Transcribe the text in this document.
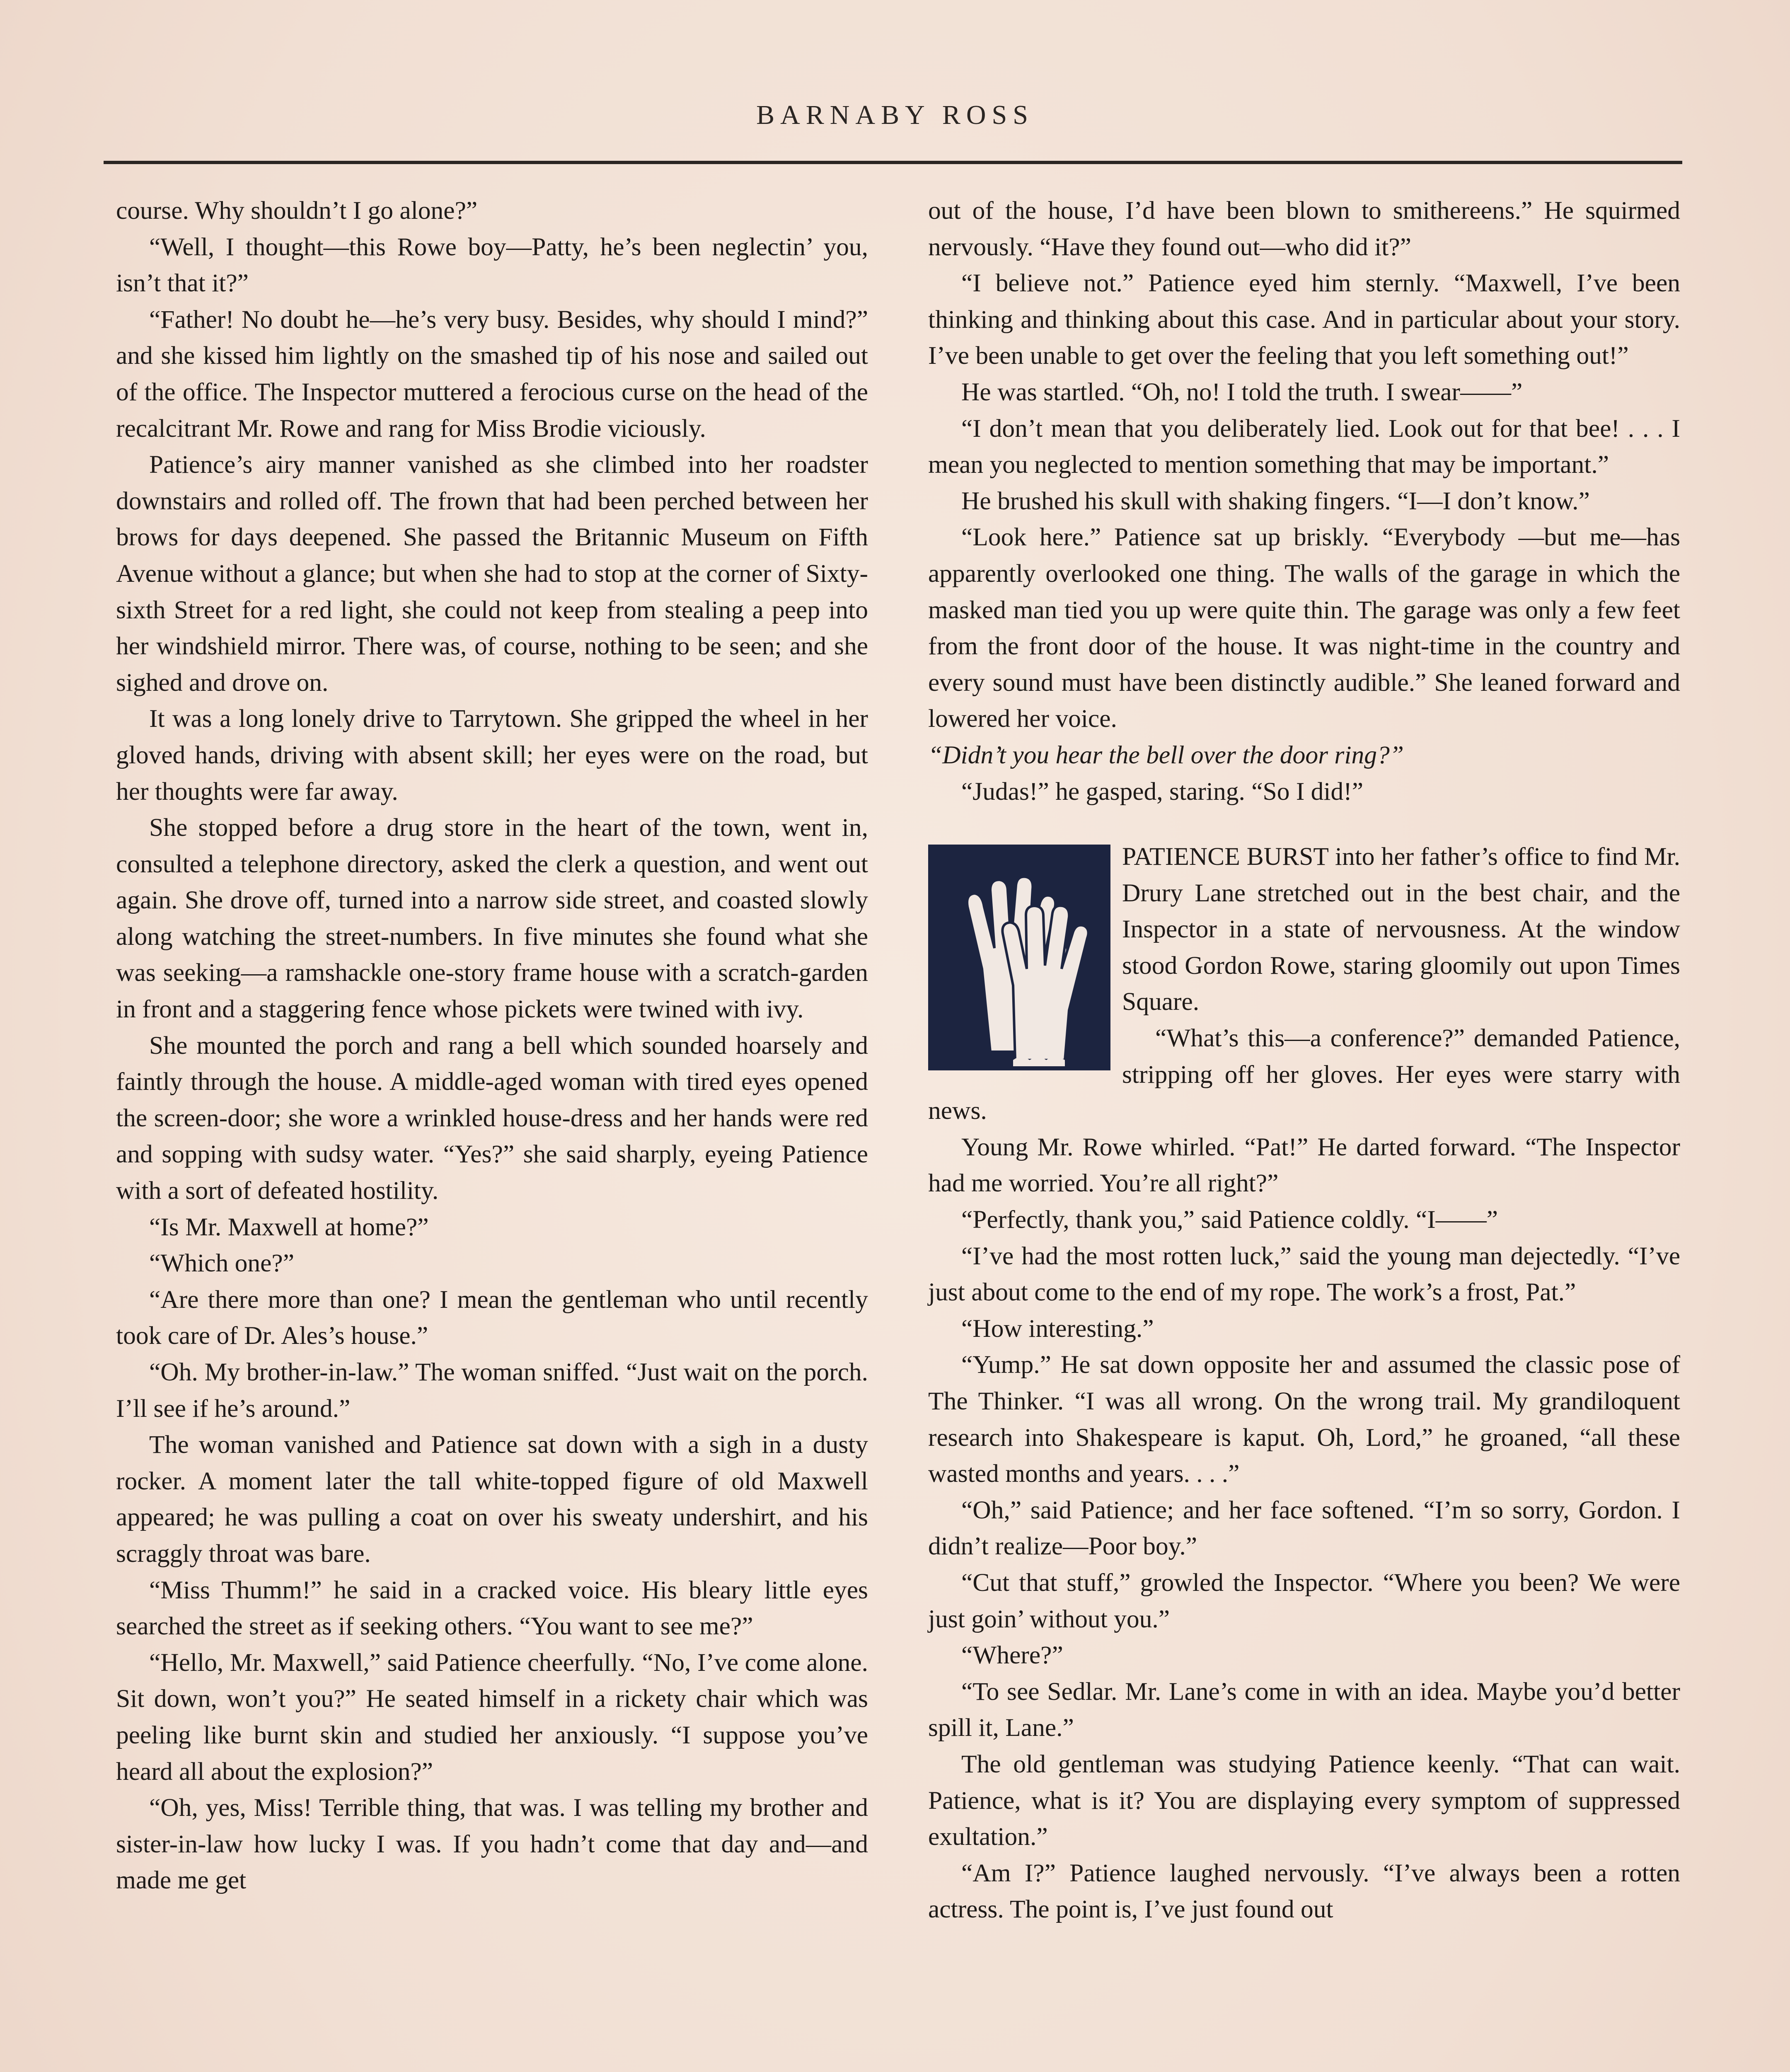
BARNABY ROSS

course. Why shouldn’t I go alone?”

“Well, I thought—this Rowe boy—Patty, he’s been neglectin’ you, isn’t that it?”

“Father! No doubt he—he’s very busy. Besides, why should I mind?” and she kissed him lightly on the smashed tip of his nose and sailed out of the office. The Inspector muttered a ferocious curse on the head of the recalcitrant Mr. Rowe and rang for Miss Brodie viciously.

Patience’s airy manner vanished as she climbed into her roadster downstairs and rolled off. The frown that had been perched between her brows for days deepened. She passed the Britannic Museum on Fifth Avenue without a glance; but when she had to stop at the corner of Sixty-sixth Street for a red light, she could not keep from stealing a peep into her windshield mirror. There was, of course, nothing to be seen; and she sighed and drove on.

It was a long lonely drive to Tarrytown. She gripped the wheel in her gloved hands, driving with absent skill; her eyes were on the road, but her thoughts were far away.

She stopped before a drug store in the heart of the town, went in, consulted a telephone directory, asked the clerk a question, and went out again. She drove off, turned into a narrow side street, and coasted slowly along watching the street-numbers. In five minutes she found what she was seeking—a ramshackle one-story frame house with a scratch-garden in front and a staggering fence whose pickets were twined with ivy.

She mounted the porch and rang a bell which sounded hoarsely and faintly through the house. A middle-aged woman with tired eyes opened the screen-door; she wore a wrinkled house-dress and her hands were red and sopping with sudsy water. “Yes?” she said sharply, eyeing Patience with a sort of defeated hostility.

“Is Mr. Maxwell at home?”

“Which one?”

“Are there more than one? I mean the gentleman who until recently took care of Dr. Ales’s house.”

“Oh. My brother-in-law.” The woman sniffed. “Just wait on the porch. I’ll see if he’s around.”

The woman vanished and Patience sat down with a sigh in a dusty rocker. A moment later the tall white-topped figure of old Maxwell appeared; he was pulling a coat on over his sweaty undershirt, and his scraggly throat was bare.

“Miss Thumm!” he said in a cracked voice. His bleary little eyes searched the street as if seeking others. “You want to see me?”

“Hello, Mr. Maxwell,” said Patience cheerfully. “No, I’ve come alone. Sit down, won’t you?” He seated himself in a rickety chair which was peeling like burnt skin and studied her anxiously. “I suppose you’ve heard all about the explosion?”

“Oh, yes, Miss! Terrible thing, that was. I was telling my brother and sister-in-law how lucky I was. If you hadn’t come that day and—and made me get

out of the house, I’d have been blown to smithereens.” He squirmed nervously. “Have they found out—who did it?”

“I believe not.” Patience eyed him sternly. “Maxwell, I’ve been thinking and thinking about this case. And in particular about your story. I’ve been unable to get over the feeling that you left something out!”

He was startled. “Oh, no! I told the truth. I swear——”

“I don’t mean that you deliberately lied. Look out for that bee! . . . I mean you neglected to mention something that may be important.”

He brushed his skull with shaking fingers. “I—I don’t know.”

“Look here.” Patience sat up briskly. “Everybody —but me—has apparently overlooked one thing. The walls of the garage in which the masked man tied you up were quite thin. The garage was only a few feet from the front door of the house. It was night-time in the country and every sound must have been distinctly audible.” She leaned forward and lowered her voice.

“Didn’t you hear the bell over the door ring?”

“Judas!” he gasped, staring. “So I did!”

PATIENCE BURST into her father’s office to find Mr. Drury Lane stretched out in the best chair, and the Inspector in a state of nervousness. At the window stood Gordon Rowe, staring gloomily out upon Times Square.

“What’s this—a conference?” demanded Patience, stripping off her gloves. Her eyes were starry with news.

Young Mr. Rowe whirled. “Pat!” He darted forward. “The Inspector had me worried. You’re all right?”

“Perfectly, thank you,” said Patience coldly. “I——”

“I’ve had the most rotten luck,” said the young man dejectedly. “I’ve just about come to the end of my rope. The work’s a frost, Pat.”

“How interesting.”

“Yump.” He sat down opposite her and assumed the classic pose of The Thinker. “I was all wrong. On the wrong trail. My grandiloquent research into Shakespeare is kaput. Oh, Lord,” he groaned, “all these wasted months and years. . . .”

“Oh,” said Patience; and her face softened. “I’m so sorry, Gordon. I didn’t realize—Poor boy.”

“Cut that stuff,” growled the Inspector. “Where you been? We were just goin’ without you.”

“Where?”

“To see Sedlar. Mr. Lane’s come in with an idea. Maybe you’d better spill it, Lane.”

The old gentleman was studying Patience keenly. “That can wait. Patience, what is it? You are displaying every symptom of suppressed exultation.”

“Am I?” Patience laughed nervously. “I’ve always been a rotten actress. The point is, I’ve just found out
